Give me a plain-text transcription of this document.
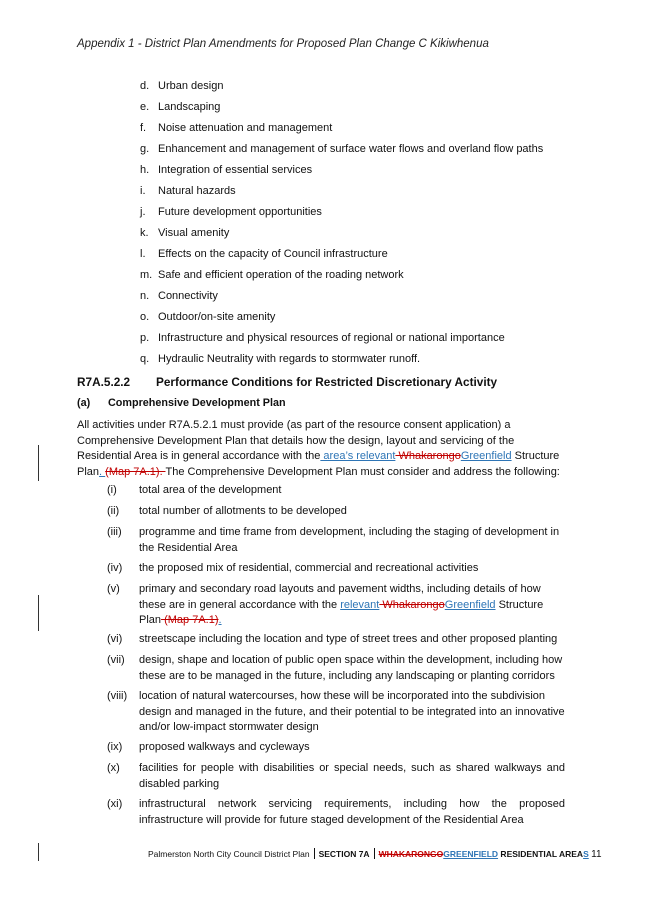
Appendix 1 - District Plan Amendments for Proposed Plan Change C Kikiwhenua
d. Urban design
e. Landscaping
f. Noise attenuation and management
g. Enhancement and management of surface water flows and overland flow paths
h. Integration of essential services
i. Natural hazards
j. Future development opportunities
k. Visual amenity
l. Effects on the capacity of Council infrastructure
m. Safe and efficient operation of the roading network
n. Connectivity
o. Outdoor/on-site amenity
p. Infrastructure and physical resources of regional or national importance
q. Hydraulic Neutrality with regards to stormwater runoff.
R7A.5.2.2 Performance Conditions for Restricted Discretionary Activity
(a) Comprehensive Development Plan
All activities under R7A.5.2.1 must provide (as part of the resource consent application) a Comprehensive Development Plan that details how the design, layout and servicing of the Residential Area is in general accordance with the area’s relevant WhakarongoGreenfield Structure Plan. (Map 7A.1). The Comprehensive Development Plan must consider and address the following:
(i) total area of the development
(ii) total number of allotments to be developed
(iii) programme and time frame from development, including the staging of development in the Residential Area
(iv) the proposed mix of residential, commercial and recreational activities
(v) primary and secondary road layouts and pavement widths, including details of how these are in general accordance with the relevant WhakarongoGreenfield Structure Plan (Map 7A.1).
(vi) streetscape including the location and type of street trees and other proposed planting
(vii) design, shape and location of public open space within the development, including how these are to be managed in the future, including any landscaping or planting corridors
(viii) location of natural watercourses, how these will be incorporated into the subdivision design and managed in the future, and their potential to be integrated into an innovative and/or low-impact stormwater design
(ix) proposed walkways and cycleways
(x) facilities for people with disabilities or special needs, such as shared walkways and disabled parking
(xi) infrastructural network servicing requirements, including how the proposed infrastructure will provide for future staged development of the Residential Area
Palmerston North City Council District Plan SECTION 7A WHAKARONGOGREENFIELD RESIDENTIAL AREAS 11
